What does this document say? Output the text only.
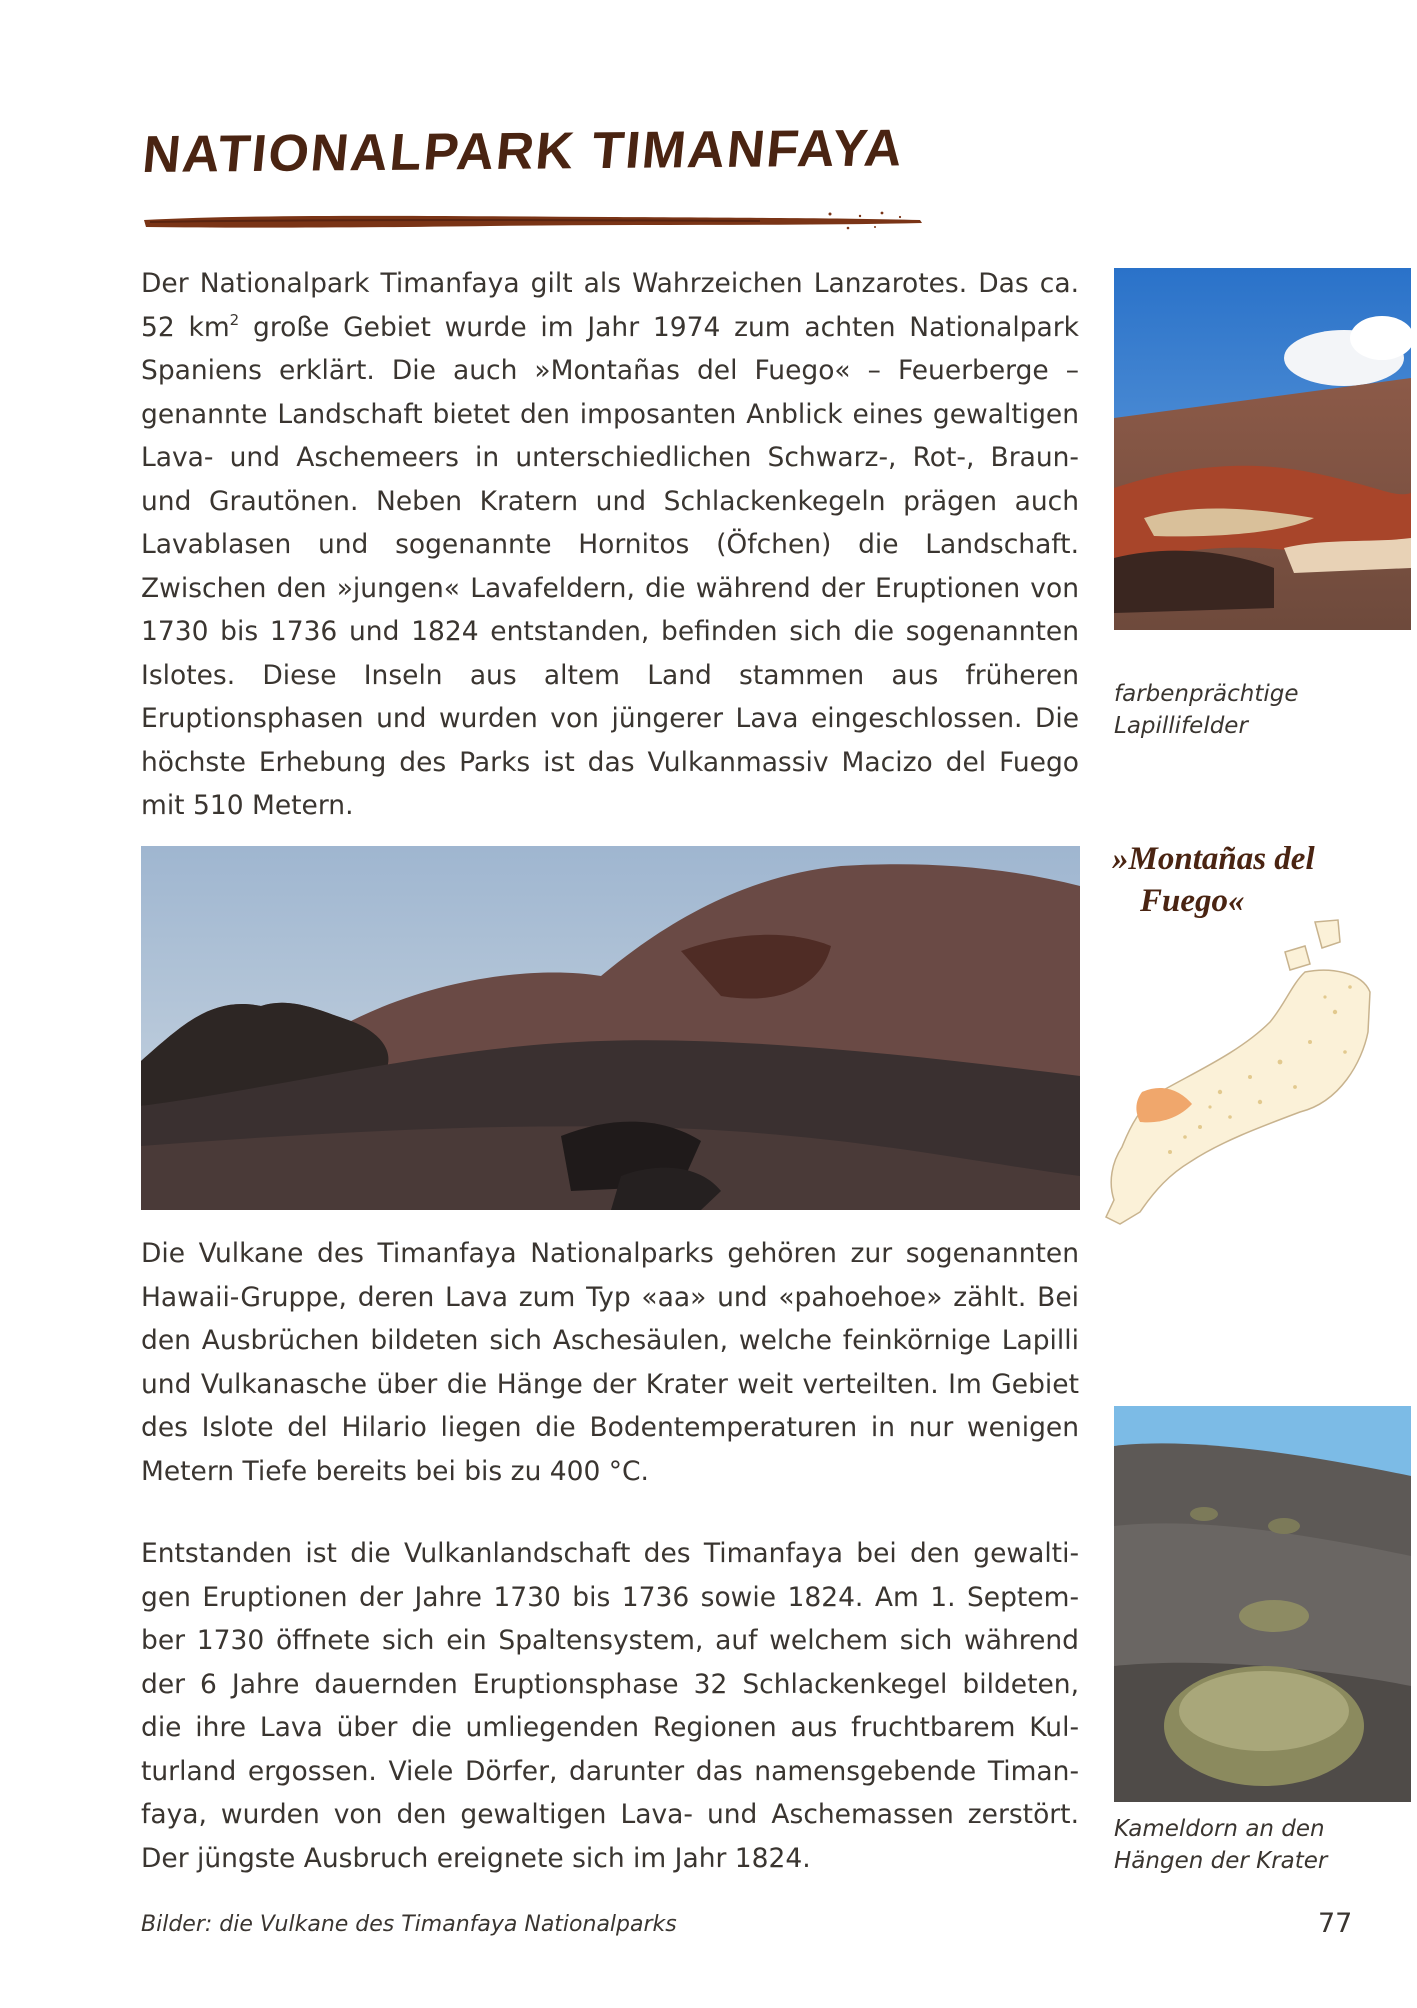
NATIONALPARK TIMANFAYA

Der Nationalpark Timanfaya gilt als Wahrzeichen Lanzarotes. Das ca. 52 $km^2$ große Gebiet wurde im Jahr 1974 zum achten Nationalpark Spaniens erklärt. Die auch »Montañas del Fuego« – Feuerberge – genannte Landschaft bietet den imposanten Anblick eines gewaltigen Lava- und Aschemeers in unterschiedlichen Schwarz-, Rot-, Braun- und Grautönen. Neben Kratern und Schlackenkegeln prägen auch Lavablasen und sogenannte Hornitos (Öfchen) die Landschaft. Zwischen den »jungen« Lavafeldern, die während der Eruptionen von 1730 bis 1736 und 1824 entstanden, befinden sich die sogenannten Islotes. Diese Inseln aus altem Land stammen aus früheren Eruptionsphasen und wurden von jüngerer Lava eingeschlossen. Die höchste Erhebung des Parks ist das Vulkanmassiv Macizo del Fuego mit 510 Metern.

farbenprächtige Lapillifelder

»Montañas del
Fuego«

Die Vulkane des Timanfaya Nationalparks gehören zur sogenannten Hawaii-Gruppe, deren Lava zum Typ «aa» und «pahoehoe» zählt. Bei den Ausbrüchen bildeten sich Aschesäulen, welche feinkörnige Lapilli und Vulkanasche über die Hänge der Krater weit verteilten. Im Gebiet des Islote del Hilario liegen die Bodentemperaturen in nur wenigen Metern Tiefe bereits bei bis zu 400 °C.

Kameldorn an den Hängen der Krater

Entstanden ist die Vulkanlandschaft des Timanfaya bei den gewaltigen Eruptionen der Jahre 1730 bis 1736 sowie 1824. Am 1. September 1730 öffnete sich ein Spaltensystem, auf welchem sich während der 6 Jahre dauernden Eruptionsphase 32 Schlackenkegel bildeten, die ihre Lava über die umliegenden Regionen aus fruchtbarem Kulturland ergossen. Viele Dörfer, darunter das namensgebende Timanfaya, wurden von den gewaltigen Lava- und Aschemassen zerstört. Der jüngste Ausbruch ereignete sich im Jahr 1824.

Bilder: die Vulkane des Timanfaya Nationalparks	77
